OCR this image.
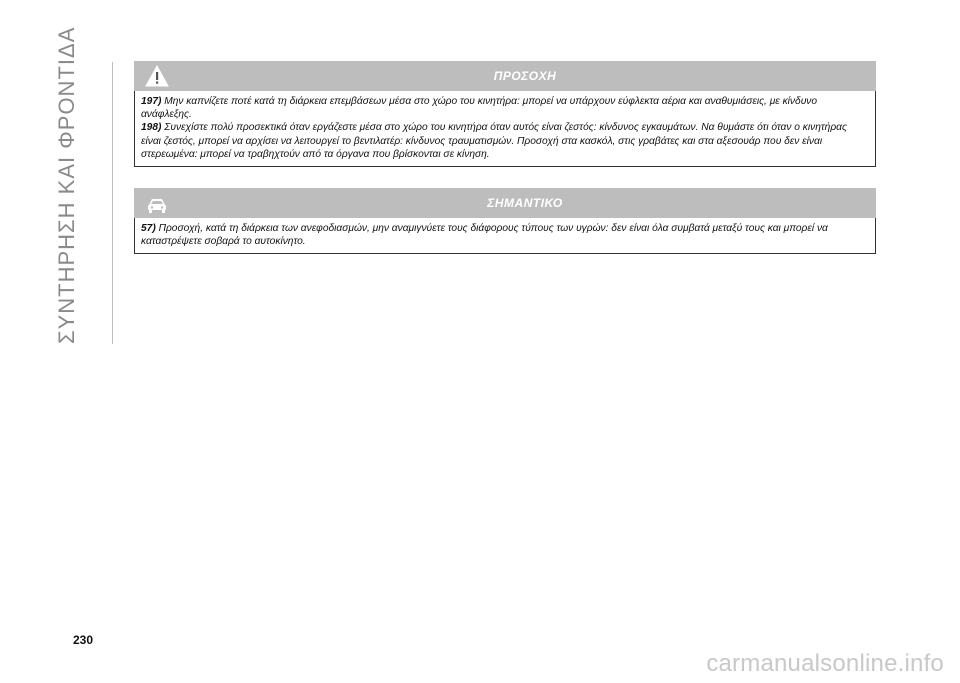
ΣΥΝΤΗΡΗΣΗ ΚΑΙ ΦΡΟΝΤΙΔΑ	ΠΡΟΣΟΧΗ

197) Μην καπνίζετε ποτέ κατά τη διάρκεια επεμβάσεων μέσα στο χώρο του κινητήρα: μπορεί να υπάρχουν εύφλεκτα αέρια και αναθυμιάσεις, με κίνδυνο ανάφλεξης.

198) Συνεχίστε πολύ προσεκτικά όταν εργάζεστε μέσα στο χώρο του κινητήρα όταν αυτός είναι ζεστός: κίνδυνος εγκαυμάτων. Να θυμάστε ότι όταν ο κινητήρας είναι ζεστός, μπορεί να αρχίσει να λειτουργεί το βεντιλατέρ: κίνδυνος τραυματισμών. Προσοχή στα κασκόλ, στις γραβάτες και στα αξεσουάρ που δεν είναι στερεωμένα: μπορεί να τραβηχτούν από τα όργανα που βρίσκονται σε κίνηση.

ΣΗΜΑΝΤΙΚΟ

57) Προσοχή, κατά τη διάρκεια των ανεφοδιασμών, μην αναμιγνύετε τους διάφορους τύπους των υγρών: δεν είναι όλα συμβατά μεταξύ τους και μπορεί να καταστρέψετε σοβαρά το αυτοκίνητο.

230
carmanualsonline.info
